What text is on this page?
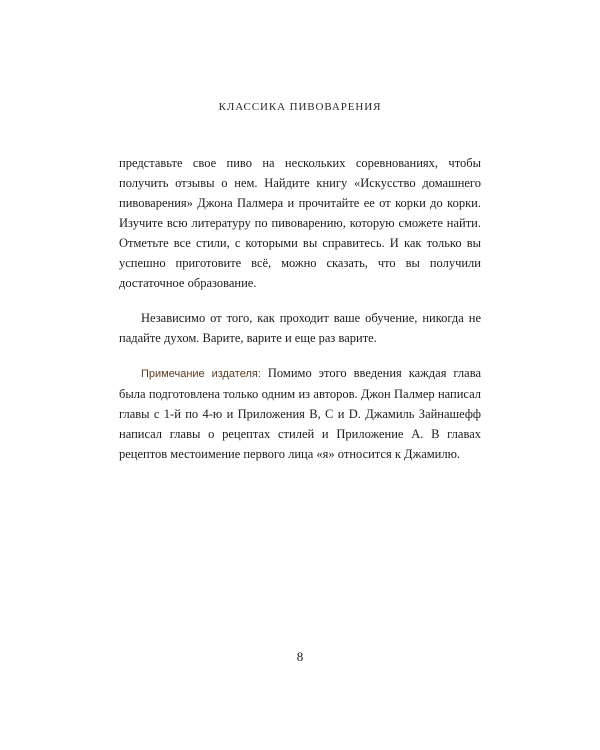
КЛАССИКА ПИВОВАРЕНИЯ

представьте свое пиво на нескольких соревнованиях, чтобы получить отзывы о нем. Найдите книгу «Искусство домашнего пивоварения» Джона Палмера и прочитайте ее от корки до корки. Изучите всю литературу по пивоварению, которую сможете найти. Отметьте все стили, с которыми вы справитесь. И как только вы успешно приготовите всё, можно сказать, что вы получили достаточное образование.

Независимо от того, как проходит ваше обучение, никогда не падайте духом. Варите, варите и еще раз варите.

Примечание издателя: Помимо этого введения каждая глава была подготовлена только одним из авторов. Джон Палмер написал главы с 1-й по 4-ю и Приложения B, C и D. Джамиль Зайнашефф написал главы о рецептах стилей и Приложение А. В главах рецептов местоимение первого лица «я» относится к Джамилю.

8
